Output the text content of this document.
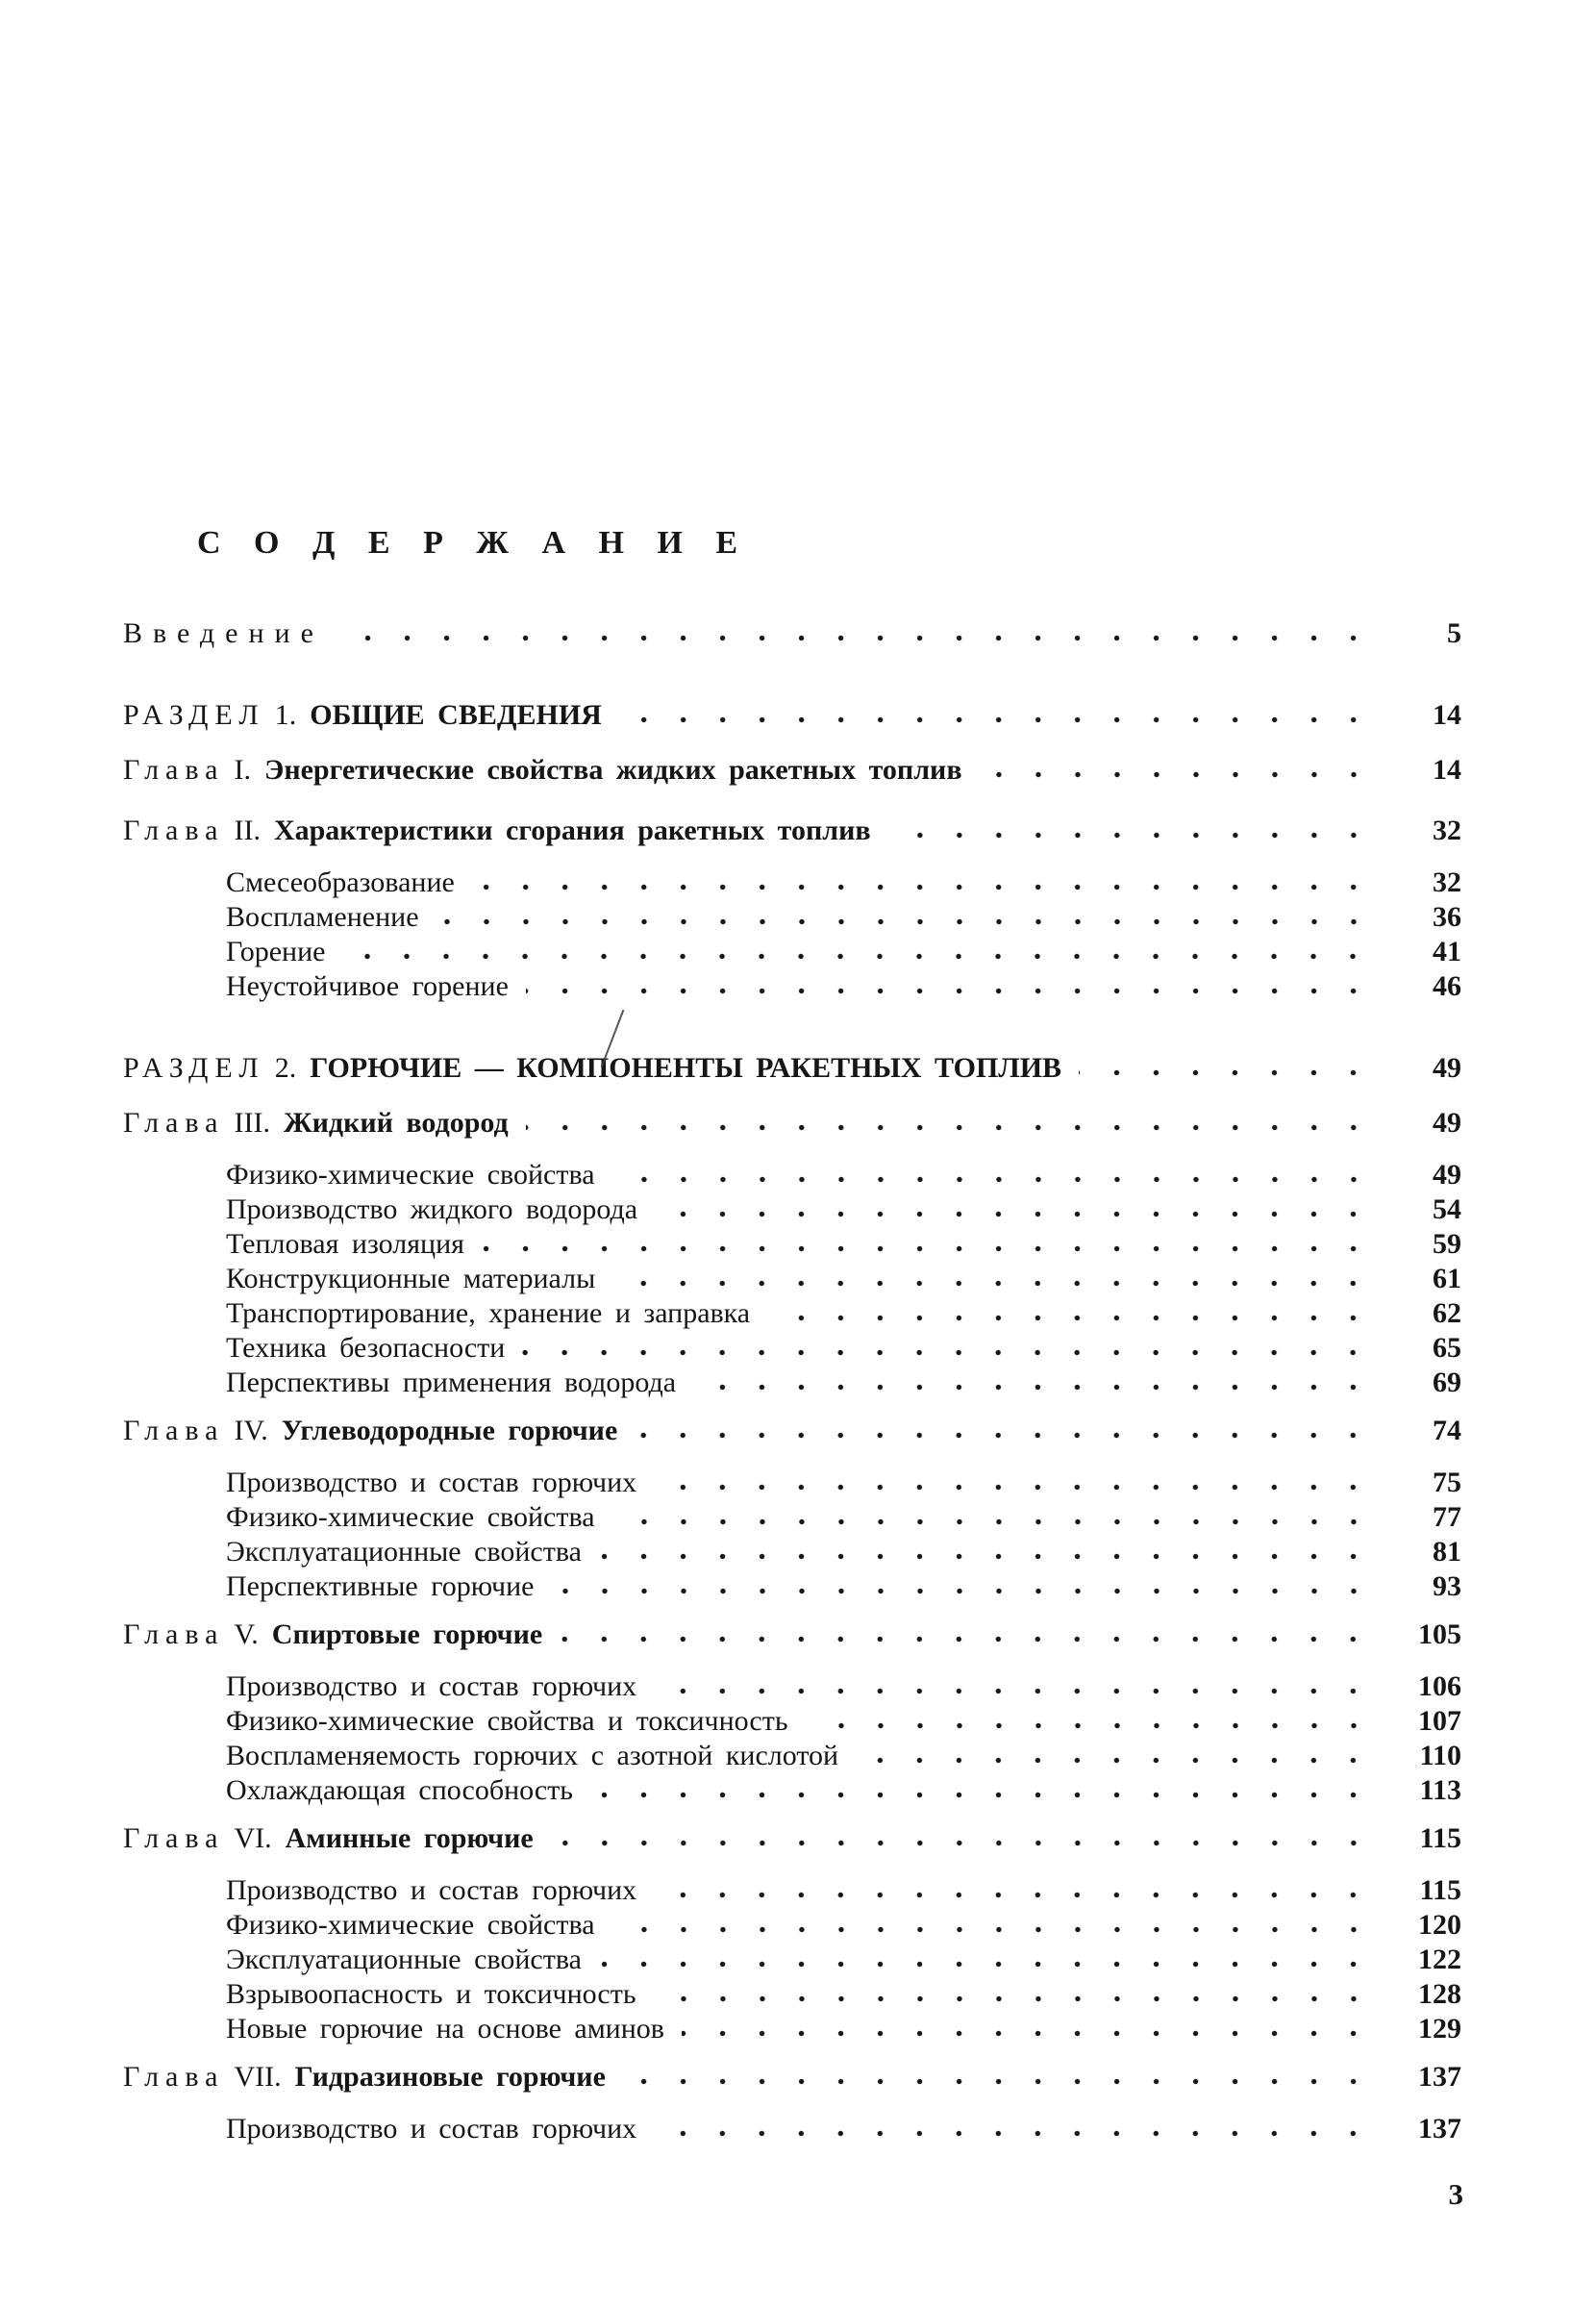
С О Д Е Р Ж А Н И Е
Введение	5
РАЗДЕЛ 1. ОБЩИЕ СВЕДЕНИЯ	14
Глава I. Энергетические свойства жидких ракетных топлив	14
Глава II. Характеристики сгорания ракетных топлив	32
Смесеобразование	32
Воспламенение	36
Горение	41
Неустойчивое горение	46
РАЗДЕЛ 2. ГОРЮЧИЕ — КОМПОНЕНТЫ РАКЕТНЫХ ТОПЛИВ	49
Глава III. Жидкий водород	49
Физико-химические свойства	49
Производство жидкого водорода	54
Тепловая изоляция	59
Конструкционные материалы	61
Транспортирование, хранение и заправка	62
Техника безопасности	65
Перспективы применения водорода	69
Глава IV. Углеводородные горючие	74
Производство и состав горючих	75
Физико-химические свойства	77
Эксплуатационные свойства	81
Перспективные горючие	93
Глава V. Спиртовые горючие	105
Производство и состав горючих	106
Физико-химические свойства и токсичность	107
Воспламеняемость горючих с азотной кислотой	110
Охлаждающая способность	113
Глава VI. Аминные горючие	115
Производство и состав горючих	115
Физико-химические свойства	120
Эксплуатационные свойства	122
Взрывоопасность и токсичность	128
Новые горючие на основе аминов	129
Глава VII. Гидразиновые горючие	137
Производство и состав горючих	137
3
